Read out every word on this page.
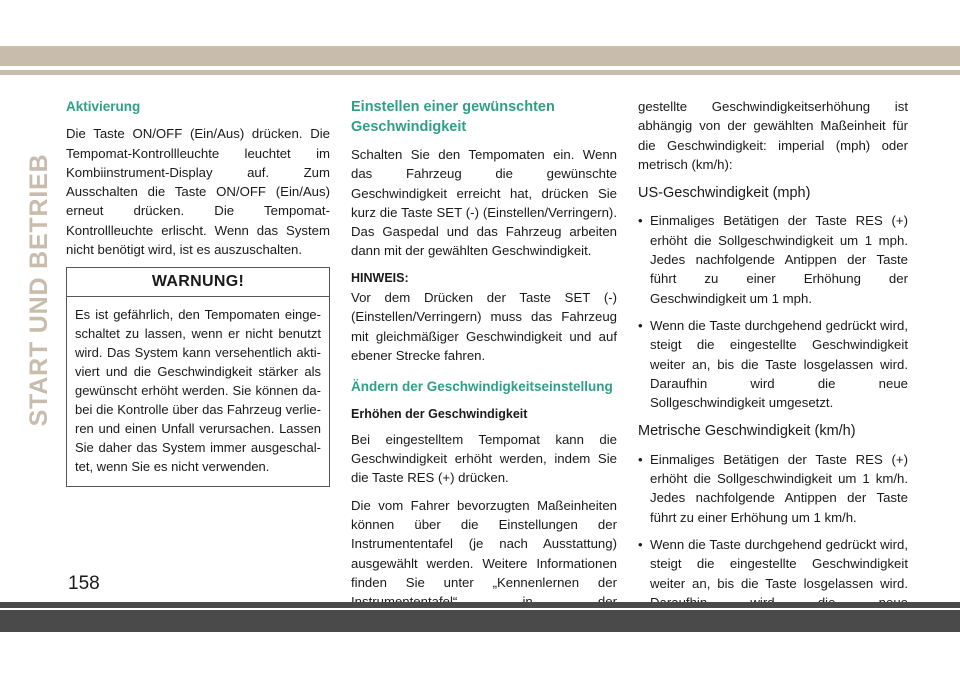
START UND BETRIEB
Aktivierung

Die Taste ON/OFF (Ein/Aus) drücken. Die Tempomat-Kontrollleuchte leuchtet im Kombiinstrument-Display auf. Zum Ausschalten die Taste ON/OFF (Ein/Aus) erneut drücken. Die Tempomat-Kontrollleuchte erlischt. Wenn das System nicht benötigt wird, ist es auszuschalten.

WARNUNG!
Es ist gefährlich, den Tempomaten eingeschaltet zu lassen, wenn er nicht benutzt wird. Das System kann versehentlich aktiviert und die Geschwindigkeit stärker als gewünscht erhöht werden. Sie können dabei die Kontrolle über das Fahrzeug verlieren und einen Unfall verursachen. Lassen Sie daher das System immer ausgeschaltet, wenn Sie es nicht verwenden.
Einstellen einer gewünschten Geschwindigkeit

Schalten Sie den Tempomaten ein. Wenn das Fahrzeug die gewünschte Geschwindigkeit erreicht hat, drücken Sie kurz die Taste SET (-) (Einstellen/Verringern). Das Gaspedal und das Fahrzeug arbeiten dann mit der gewählten Geschwindigkeit.

HINWEIS:

Vor dem Drücken der Taste SET (-) (Einstellen/Verringern) muss das Fahrzeug mit gleichmäßiger Geschwindigkeit und auf ebener Strecke fahren.

Ändern der Geschwindigkeitseinstellung
Erhöhen der Geschwindigkeit

Bei eingestelltem Tempomat kann die Geschwindigkeit erhöht werden, indem Sie die Taste RES (+) drücken.

Die vom Fahrer bevorzugten Maßeinheiten können über die Einstellungen der Instrumententafel (je nach Ausstattung) ausgewählt werden. Weitere Informationen finden Sie unter „Kennenlernen der

gestellte Geschwindigkeitserhöhung ist abhängig von der gewählten Maßeinheit für die Geschwindigkeit: imperial (mph) oder metrisch (km/h):

US-Geschwindigkeit (mph)
• Einmaliges Betätigen der Taste RES (+) erhöht die Sollgeschwindigkeit um 1 mph. Jedes nachfolgende Antippen der Taste führt zu einer Erhöhung der Geschwindigkeit um 1 mph.
• Wenn die Taste durchgehend gedrückt wird, steigt die eingestellte Geschwindigkeit weiter an, bis die Taste losgelassen wird. Daraufhin wird die neue Sollgeschwindigkeit umgesetzt.
Metrische Geschwindigkeit (km/h)
• Einmaliges Betätigen der Taste RES (+) erhöht die Sollgeschwindigkeit um 1 km/h. Jedes nachfolgende Antippen der Taste führt zu einer Erhöhung um 1 km/h.
• Wenn die Taste durchgehend gedrückt wird, steigt die eingestellte Geschwindigkeit weiter an, bis die Taste losgelassen wird.
158
